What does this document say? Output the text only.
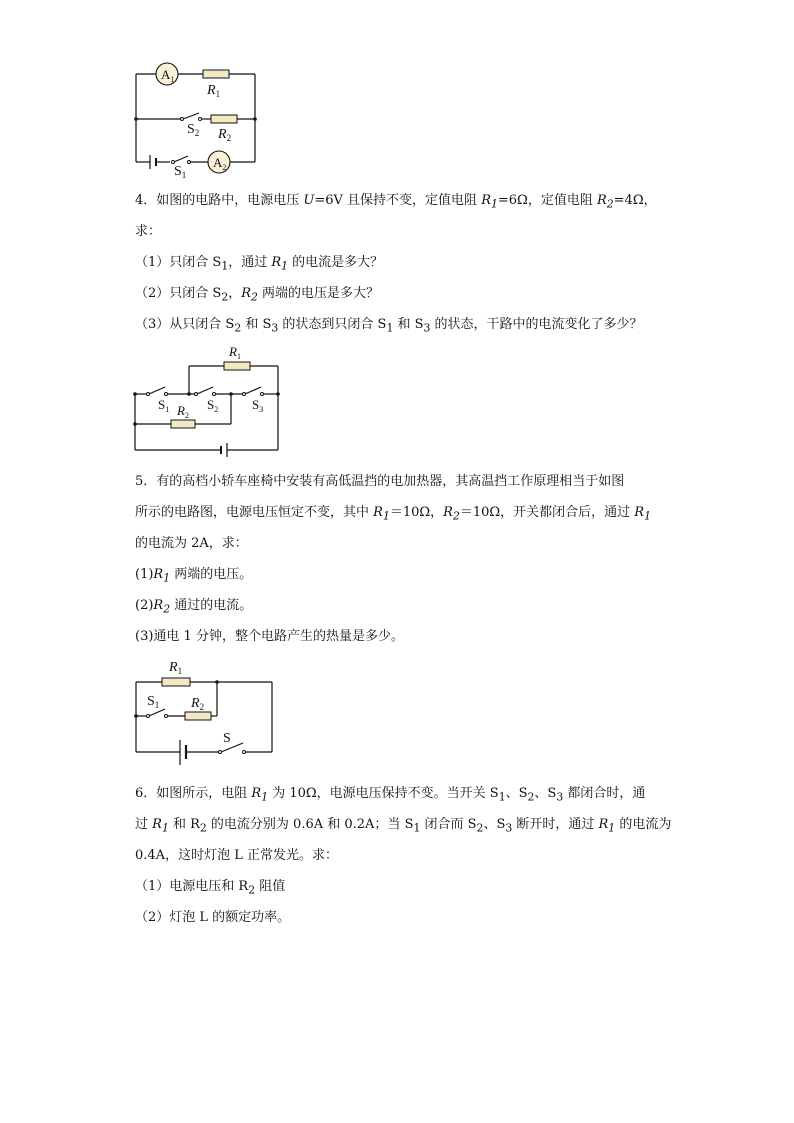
$A_1$
$A_2$
$R_1$
$R_2$
$S_2$
$S_1$
4．如图的电路中，电源电压 U=6V 且保持不变，定值电阻 $R_1=6\Omega$，定值电阻 $R_2=4\Omega$，
求：
（1）只闭合 $S_1$，通过 $R_1$ 的电流是多大？
（2）只闭合 $S_2$，$R_2$ 两端的电压是多大？
（3）从只闭合 $S_2$ 和 $S_3$ 的状态到只闭合 $S_1$ 和 $S_3$ 的状态，干路中的电流变化了多少？
$R_1$
$R_2$
$S_1$	$S_2$	$S_3$
5．有的高档小轿车座椅中安装有高低温挡的电加热器，其高温挡工作原理相当于如图
所示的电路图，电源电压恒定不变，其中 $R_1=10\Omega$，$R_2=10\Omega$，开关都闭合后，通过 $R_1$
的电流为 2A，求：
$(1)R_1$ 两端的电压。
$(2)R_2$ 通过的电流。
(3)通电 1 分钟，整个电路产生的热量是多少。
$R_1$
$R_2$
$S_1$
S
6．如图所示，电阻 $R_1$ 为 10Ω，电源电压保持不变。当开关 $S_1$、$S_2$、$S_3$ 都闭合时，通
过 $R_1$ 和 $R_2$ 的电流分别为 0.6A 和 0.2A；当 $S_1$ 闭合而 $S_2$、$S_3$ 断开时，通过 $R_1$ 的电流为
0.4A，这时灯泡 L 正常发光。求：
（1）电源电压和 $R_2$ 阻值
（2）灯泡 L 的额定功率。
